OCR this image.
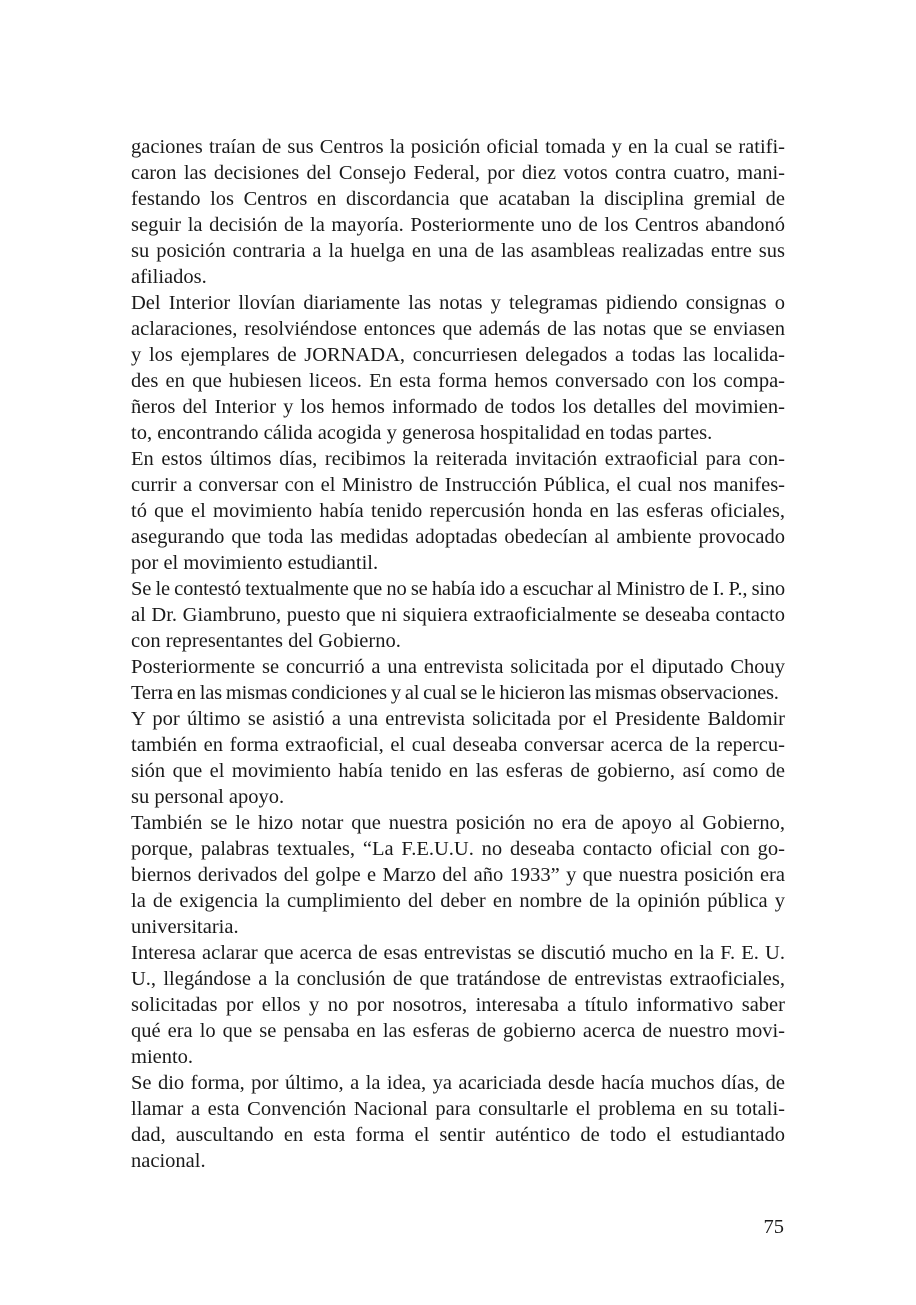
gaciones traían de sus Centros la posición oficial tomada y en la cual se ratifi-
caron las decisiones del Consejo Federal, por diez votos contra cuatro, mani-
festando los Centros en discordancia que acataban la disciplina gremial de
seguir la decisión de la mayoría. Posteriormente uno de los Centros abandonó
su posición contraria a la huelga en una de las asambleas realizadas entre sus
afiliados.
Del Interior llovían diariamente las notas y telegramas pidiendo consignas o
aclaraciones, resolviéndose entonces que además de las notas que se enviasen
y los ejemplares de JORNADA, concurriesen delegados a todas las localida-
des en que hubiesen liceos. En esta forma hemos conversado con los compa-
ñeros del Interior y los hemos informado de todos los detalles del movimien-
to, encontrando cálida acogida y generosa hospitalidad en todas partes.
En estos últimos días, recibimos la reiterada invitación extraoficial para con-
currir a conversar con el Ministro de Instrucción Pública, el cual nos manifes-
tó que el movimiento había tenido repercusión honda en las esferas oficiales,
asegurando que toda las medidas adoptadas obedecían al ambiente provocado
por el movimiento estudiantil.
Se le contestó textualmente que no se había ido a escuchar al Ministro de I. P., sino
al Dr. Giambruno, puesto que ni siquiera extraoficialmente se deseaba contacto
con representantes del Gobierno.
Posteriormente se concurrió a una entrevista solicitada por el diputado Chouy
Terra en las mismas condiciones y al cual se le hicieron las mismas observaciones.
Y por último se asistió a una entrevista solicitada por el Presidente Baldomir
también en forma extraoficial, el cual deseaba conversar acerca de la repercu-
sión que el movimiento había tenido en las esferas de gobierno, así como de
su personal apoyo.
También se le hizo notar que nuestra posición no era de apoyo al Gobierno,
porque, palabras textuales, “La F.E.U.U. no deseaba contacto oficial con go-
biernos derivados del golpe e Marzo del año 1933” y que nuestra posición era
la de exigencia la cumplimiento del deber en nombre de la opinión pública y
universitaria.
Interesa aclarar que acerca de esas entrevistas se discutió mucho en la F. E. U.
U., llegándose a la conclusión de que tratándose de entrevistas extraoficiales,
solicitadas por ellos y no por nosotros, interesaba a título informativo saber
qué era lo que se pensaba en las esferas de gobierno acerca de nuestro movi-
miento.
Se dio forma, por último, a la idea, ya acariciada desde hacía muchos días, de
llamar a esta Convención Nacional para consultarle el problema en su totali-
dad, auscultando en esta forma el sentir auténtico de todo el estudiantado
nacional.
75
